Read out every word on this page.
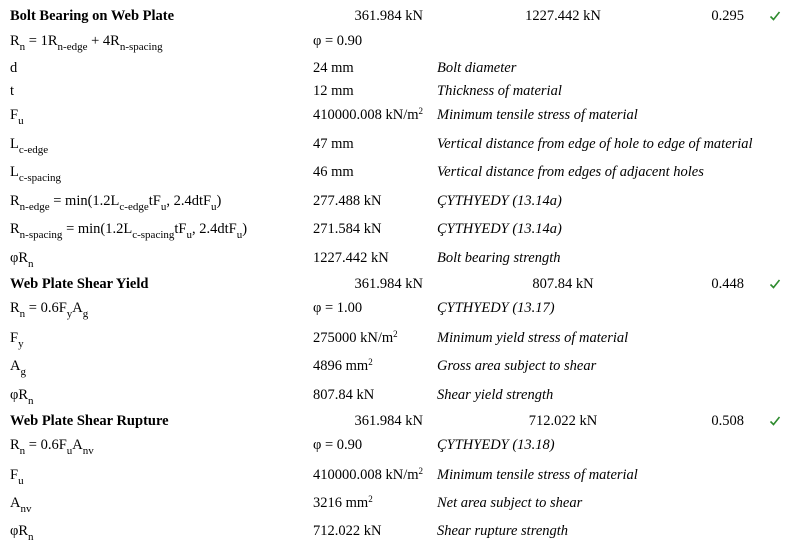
Bolt Bearing on Web Plate	361.984 kN	1227.442 kN	0.295
$R_n = 1R_{n-edge} + 4R_{n-spacing}$	φ = 0.90
d	24 mm	Bolt diameter
t	12 mm	Thickness of material
$F_u$	410000.008 $kN/m^2$ Minimum tensile stress of material
$L_{c-edge}$	47 mm	Vertical distance from edge of hole to edge of material
$L_{c-spacing}$	46 mm	Vertical distance from edges of adjacent holes
$R_{n-edge} = \min(1.2L_{c-edge}tF_u$, 2.4dtF$_u$)	277.488 kN	ÇYTHYEDY (13.14a)
$R_{n-spacing} = \min(1.2L_{c-spacing}tF_u$, 2.4dtF$_u$)	271.584 kN	ÇYTHYEDY (13.14a)
$\varphi R_n$	1227.442 kN	Bolt bearing strength
Web Plate Shear Yield	361.984 kN	807.84 kN	0.448
$R_n = 0.6F_yA_g$	φ = 1.00	ÇYTHYEDY (13.17)
$F_y$	275000 $kN/m^2$	Minimum yield stress of material
$A_g$	4896 $mm^2$	Gross area subject to shear
$\varphi R_n$	807.84 kN	Shear yield strength
Web Plate Shear Rupture	361.984 kN	712.022 kN	0.508
$R_n = 0.6F_uA_{nv}$	φ = 0.90	ÇYTHYEDY (13.18)
$F_u$	410000.008 $kN/m^2$ Minimum tensile stress of material
$A_{nv}$	3216 $mm^2$	Net area subject to shear
$\varphi R_n$	712.022 kN	Shear rupture strength
